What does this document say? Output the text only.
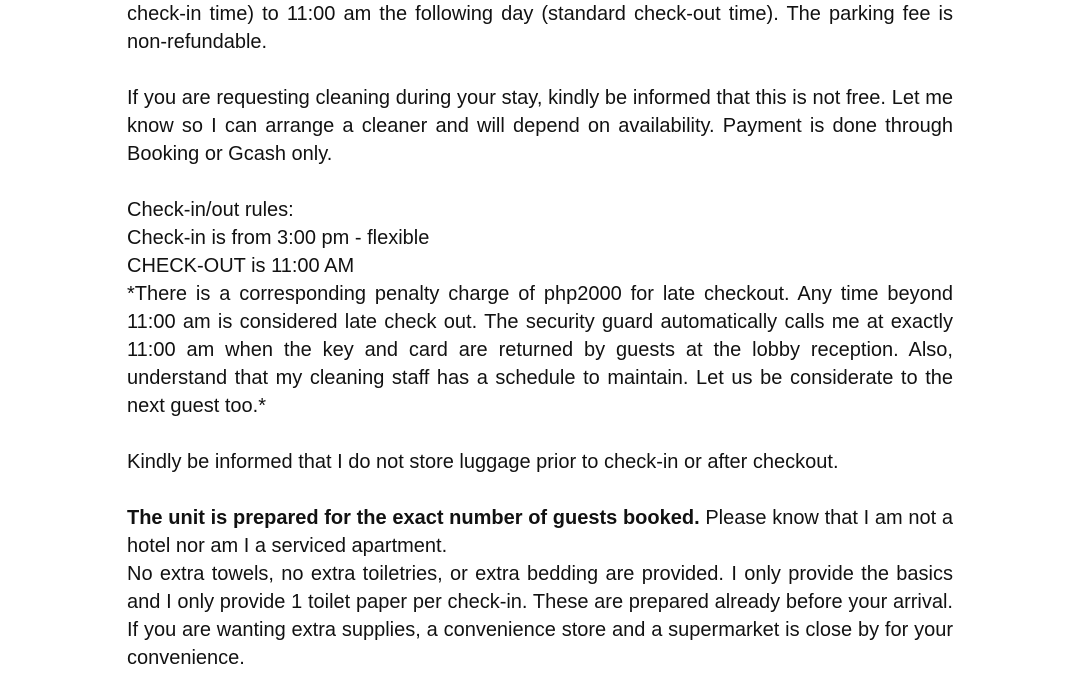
check-in time) to 11:00 am the following day (standard check-out time). The parking fee is non-refundable.

If you are requesting cleaning during your stay, kindly be informed that this is not free. Let me know so I can arrange a cleaner and will depend on availability. Payment is done through Booking or Gcash only.

Check-in/out rules:

Check-in is from 3:00 pm - flexible

CHECK-OUT is 11:00 AM

*There is a corresponding penalty charge of php2000 for late checkout. Any time beyond 11:00 am is considered late check out. The security guard automatically calls me at exactly 11:00 am when the key and card are returned by guests at the lobby reception. Also, understand that my cleaning staff has a schedule to maintain. Let us be considerate to the next guest too.*

Kindly be informed that I do not store luggage prior to check-in or after checkout.

The unit is prepared for the exact number of guests booked. Please know that I am not a hotel nor am I a serviced apartment.

No extra towels, no extra toiletries, or extra bedding are provided. I only provide the basics and I only provide 1 toilet paper per check-in. These are prepared already before your arrival. If you are wanting extra supplies, a convenience store and a supermarket is close by for your convenience.
